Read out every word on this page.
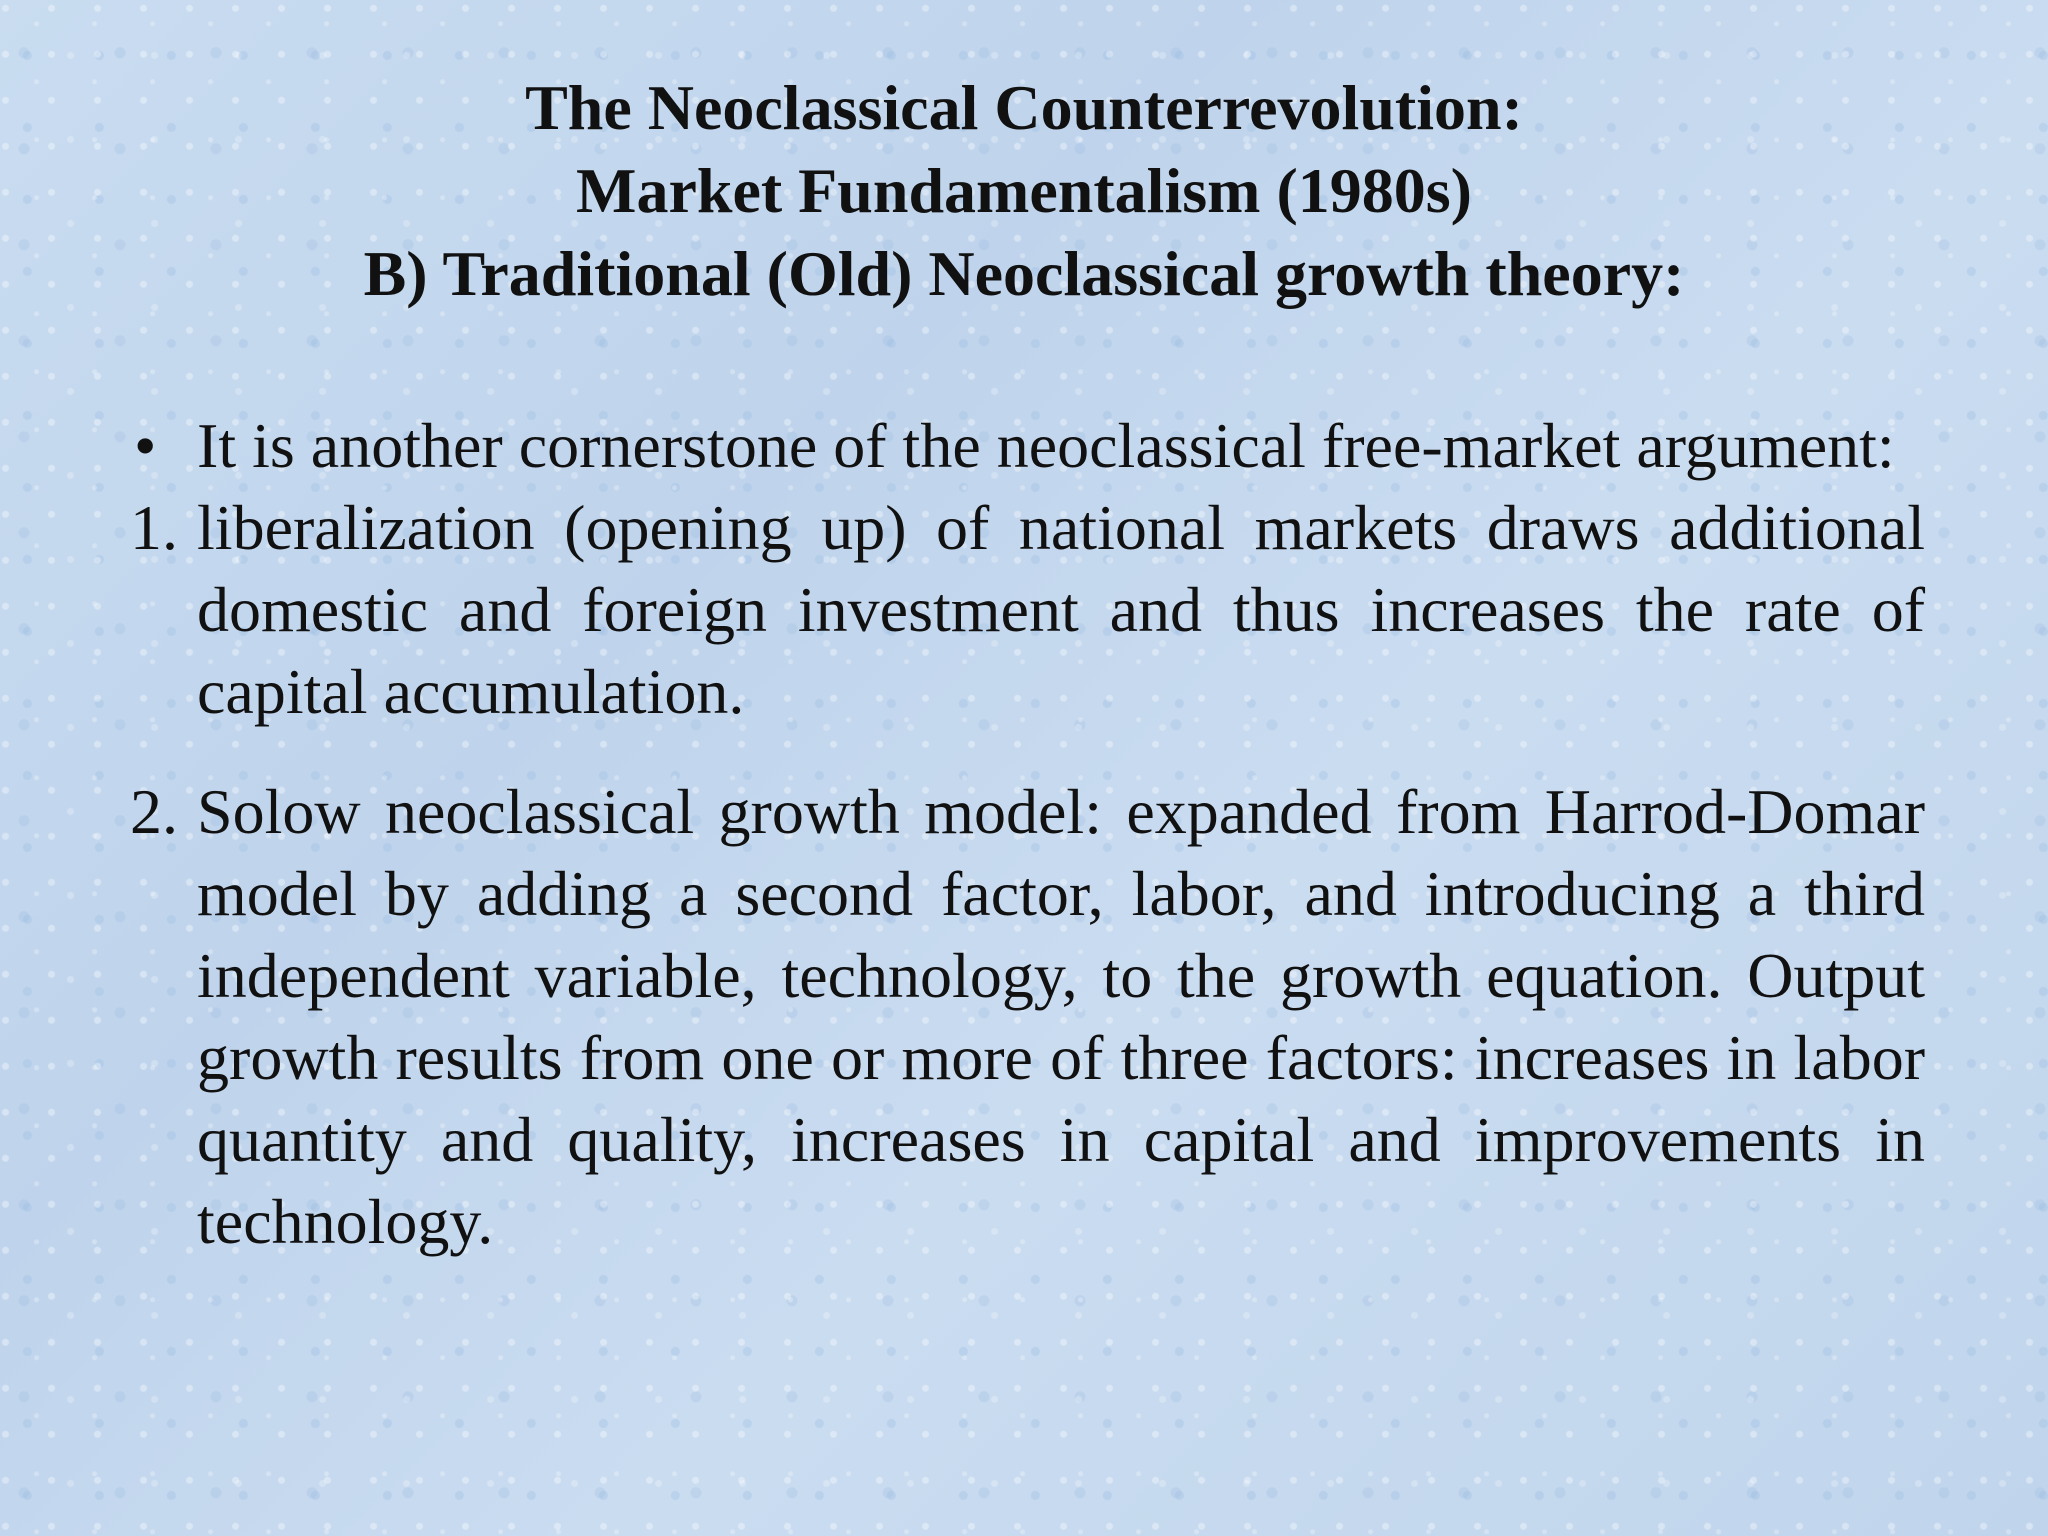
The Neoclassical Counterrevolution:
Market Fundamentalism (1980s)
B) Traditional (Old) Neoclassical growth theory:
• It is another cornerstone of the neoclassical free-market argument:
1. liberalization (opening up) of national markets draws additional domestic and foreign investment and thus increases the rate of capital accumulation.
2. Solow neoclassical growth model: expanded from Harrod-Domar model by adding a second factor, labor, and introducing a third independent variable, technology, to the growth equation. Output growth results from one or more of three factors: increases in labor quantity and quality, increases in capital and improvements in technology.
